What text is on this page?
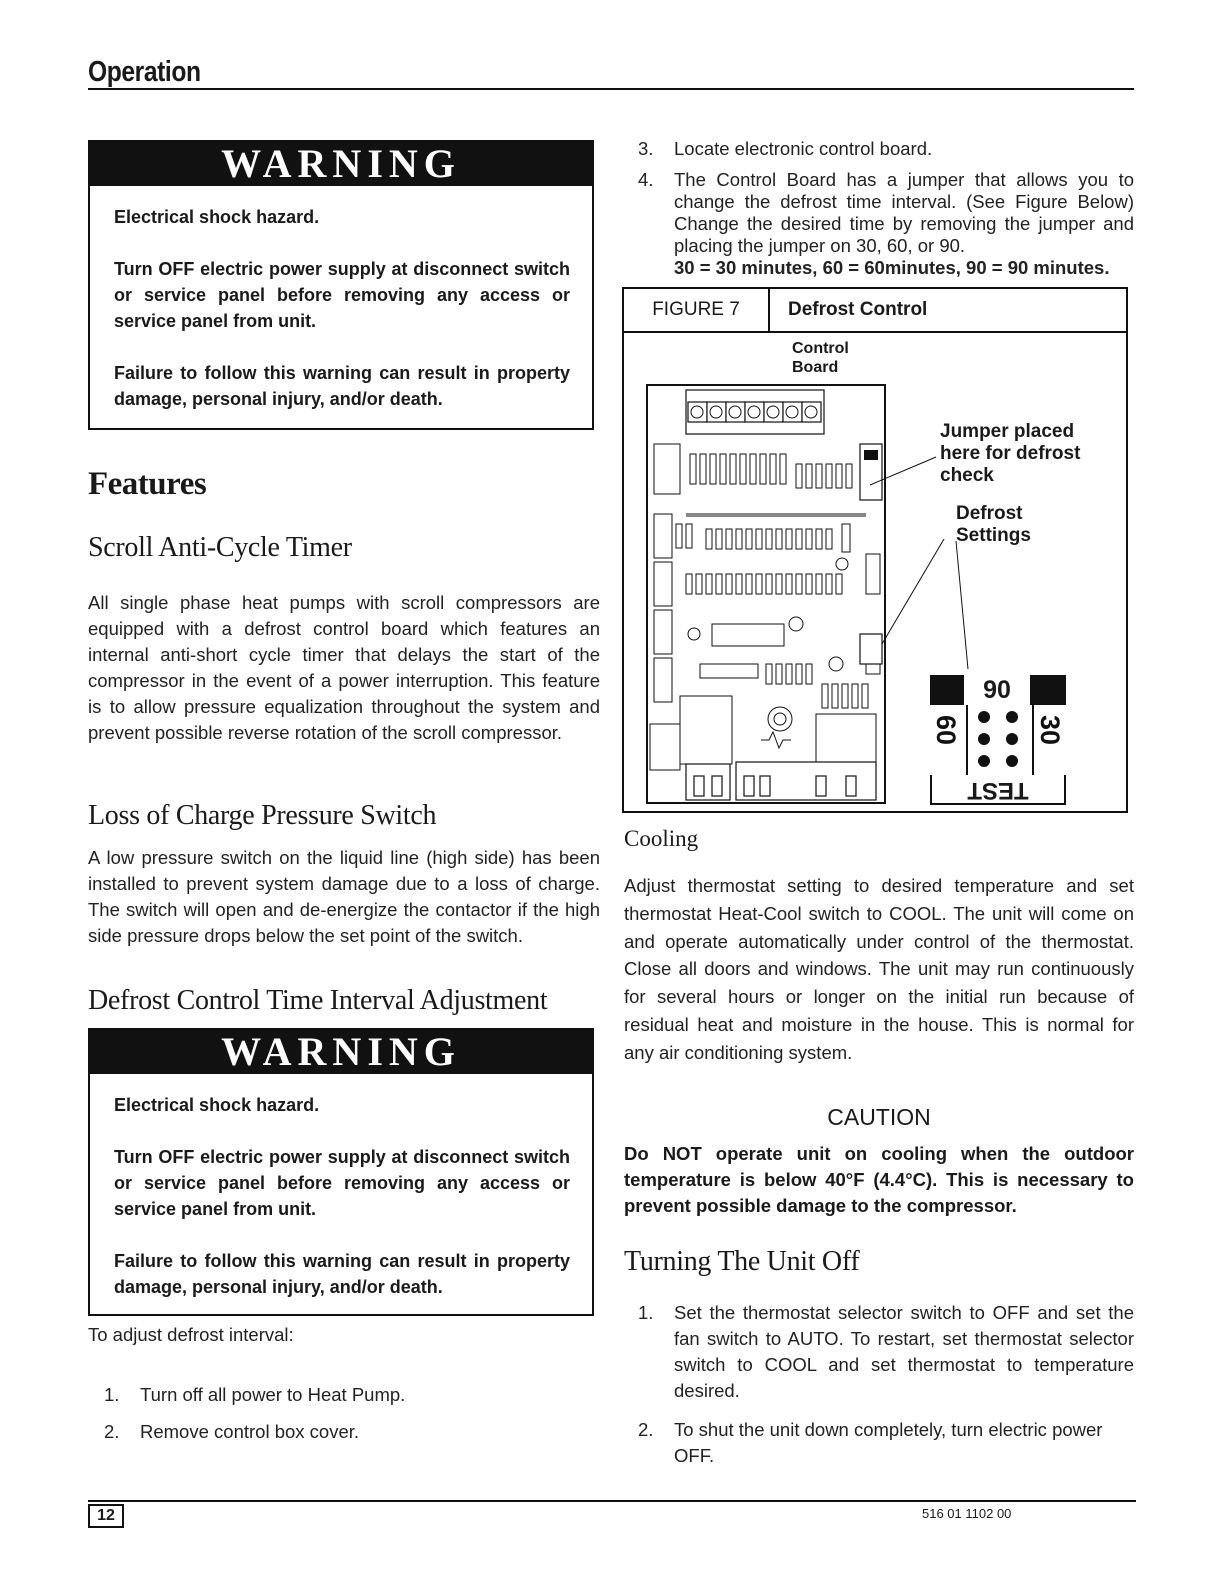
Operation
WARNING

Electrical shock hazard.

Turn OFF electric power supply at disconnect switch or service panel before removing any access or service panel from unit.

Failure to follow this warning can result in property damage, personal injury, and/or death.

Features
Scroll Anti-Cycle Timer
All single phase heat pumps with scroll compressors are equipped with a defrost control board which features an internal anti-short cycle timer that delays the start of the compressor in the event of a power interruption. This feature is to allow pressure equalization throughout the system and prevent possible reverse rotation of the scroll compressor.
Loss of Charge Pressure Switch
A low pressure switch on the liquid line (high side) has been installed to prevent system damage due to a loss of charge. The switch will open and de-energize the contactor if the high side pressure drops below the set point of the switch.
Defrost Control Time Interval Adjustment
WARNING

Electrical shock hazard.

Turn OFF electric power supply at disconnect switch or service panel before removing any access or service panel from unit.

Failure to follow this warning can result in property damage, personal injury, and/or death.

To adjust defrost interval:
1. Turn off all power to Heat Pump.
2. Remove control box cover.
3. Locate electronic control board.
4. The Control Board has a jumper that allows you to change the defrost time interval. (See Figure Below) Change the desired time by removing the jumper and placing the jumper on 30, 60, or 90.
30 = 30 minutes, 60 = 60minutes, 90 = 90 minutes.
FIGURE 7	Defrost Control
Control Board
Jumper placed here for defrost check
Defrost Settings
90
60	30
TEST
Cooling
Adjust thermostat setting to desired temperature and set thermostat Heat-Cool switch to COOL. The unit will come on and operate automatically under control of the thermostat. Close all doors and windows. The unit may run continuously for several hours or longer on the initial run because of residual heat and moisture in the house. This is normal for any air conditioning system.
CAUTION
Do NOT operate unit on cooling when the outdoor temperature is below 40°F (4.4°C). This is necessary to prevent possible damage to the compressor.
Turning The Unit Off
1. Set the thermostat selector switch to OFF and set the fan switch to AUTO. To restart, set thermostat selector switch to COOL and set thermostat to temperature desired.
2. To shut the unit down completely, turn electric power OFF.
12	516 01 1102 00
